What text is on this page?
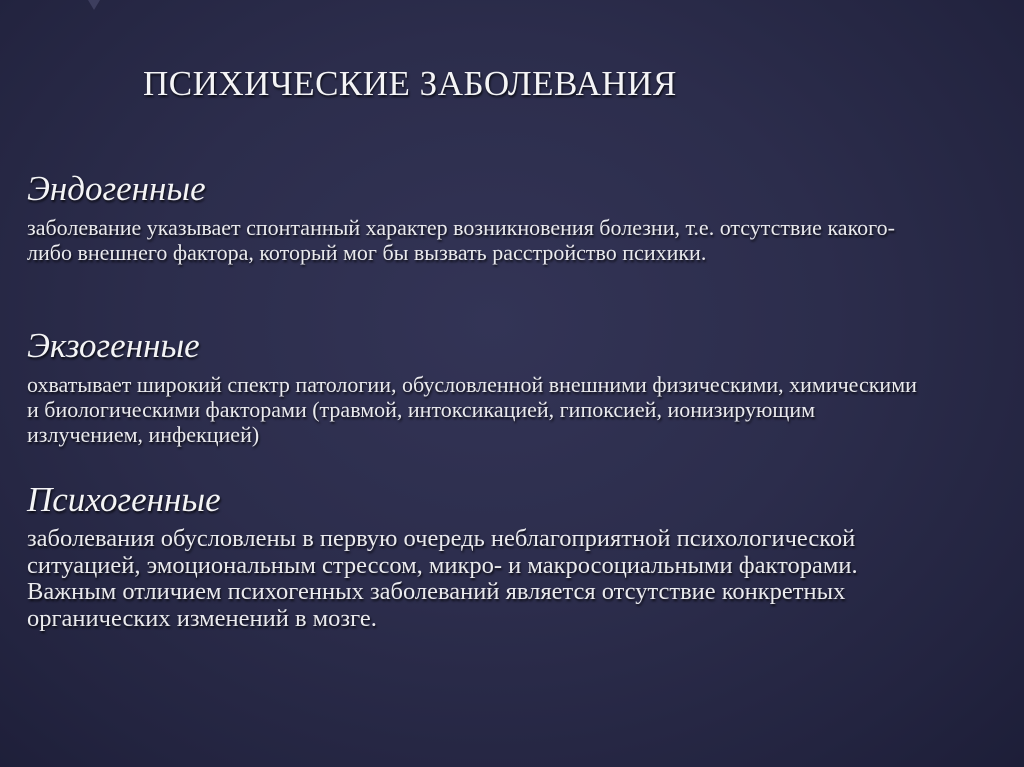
ПСИХИЧЕСКИЕ ЗАБОЛЕВАНИЯ
Эндогенные

заболевание указывает спонтанный характер возникновения болезни, т.е. отсутствие какого-либо внешнего фактора, который мог бы вызвать расстройство психики.

Экзогенные

охватывает широкий спектр патологии, обусловленной внешними физическими, химическими и биологическими факторами (травмой, интоксикацией, гипоксией, ионизирующим излучением, инфекцией)

Психогенные

заболевания обусловлены в первую очередь неблагоприятной психологической ситуацией, эмоциональным стрессом, микро- и макросоциальными факторами. Важным отличием психогенных заболеваний является отсутствие конкретных органических изменений в мозге.
